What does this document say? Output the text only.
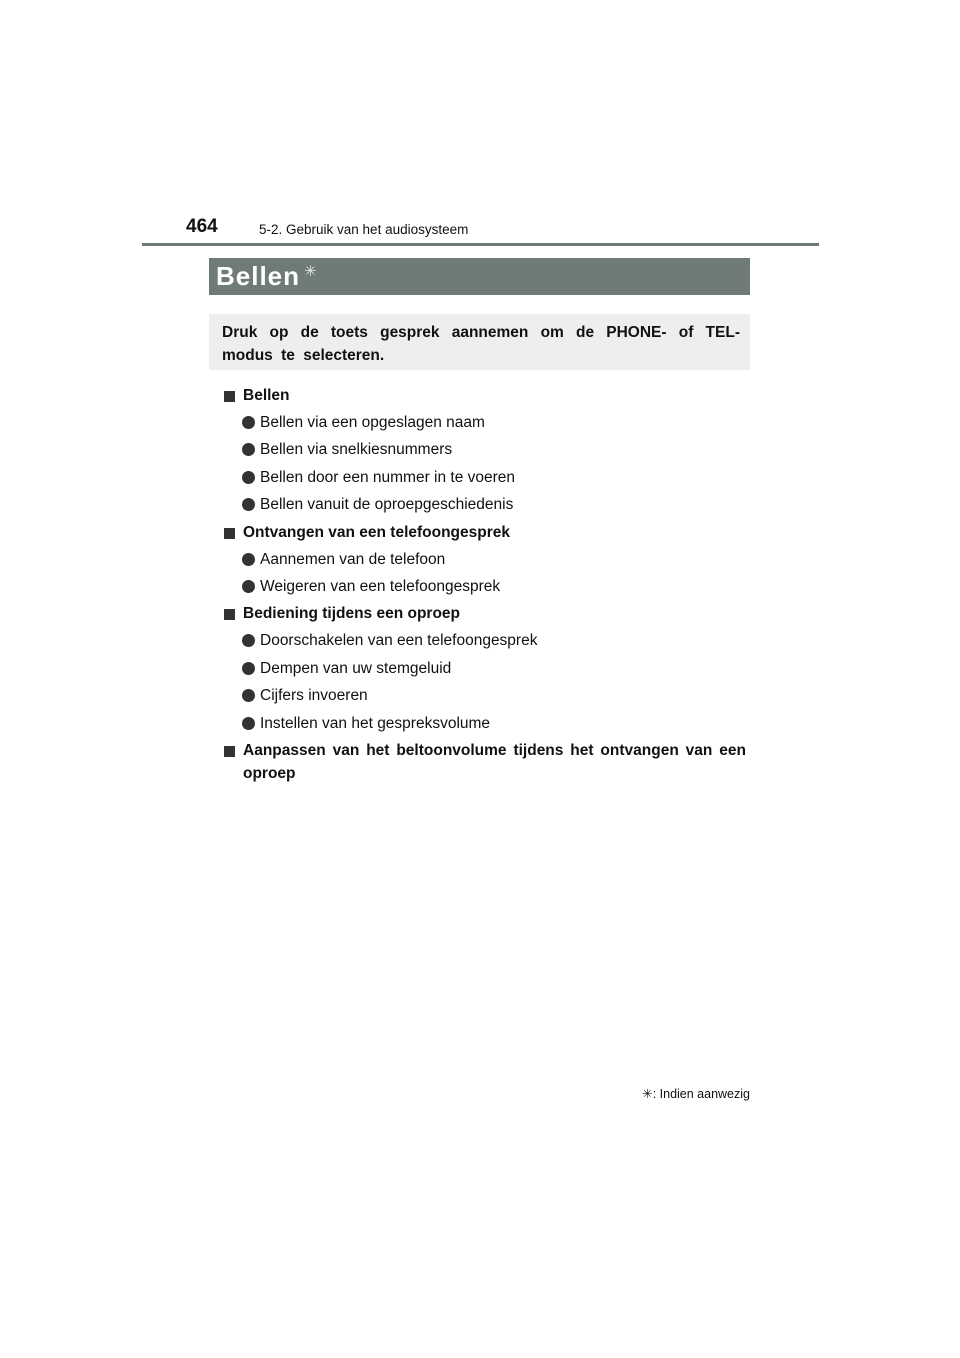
464	5-2. Gebruik van het audiosysteem
Bellen ✳
Druk op de toets gesprek aannemen om de PHONE- of TEL-modus te selecteren.
Bellen
Bellen via een opgeslagen naam
Bellen via snelkiesnummers
Bellen door een nummer in te voeren
Bellen vanuit de oproepgeschiedenis
Ontvangen van een telefoongesprek
Aannemen van de telefoon
Weigeren van een telefoongesprek
Bediening tijdens een oproep
Doorschakelen van een telefoongesprek
Dempen van uw stemgeluid
Cijfers invoeren
Instellen van het gespreksvolume
Aanpassen van het beltoonvolume tijdens het ontvangen van een oproep
✳: Indien aanwezig
